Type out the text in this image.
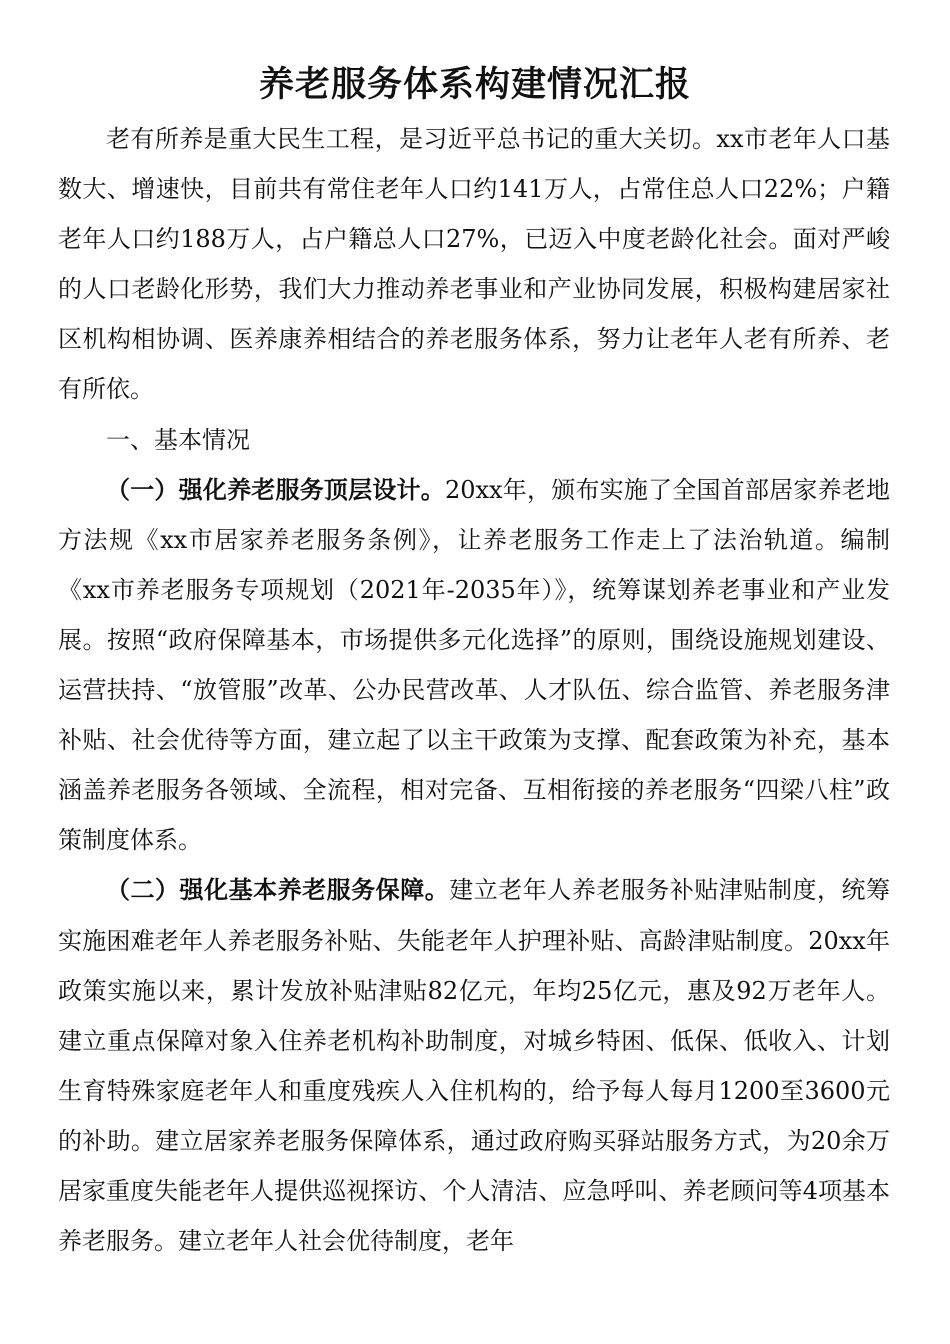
养老服务体系构建情况汇报

老有所养是重大民生工程，是习近平总书记的重大关切。xx市老年人口基数大、增速快，目前共有常住老年人口约141万人，占常住总人口22%；户籍老年人口约188万人，占户籍总人口27%，已迈入中度老龄化社会。面对严峻的人口老龄化形势，我们大力推动养老事业和产业协同发展，积极构建居家社区机构相协调、医养康养相结合的养老服务体系，努力让老年人老有所养、老有所依。

一、基本情况

（一）强化养老服务顶层设计。20xx年，颁布实施了全国首部居家养老地方法规《xx市居家养老服务条例》，让养老服务工作走上了法治轨道。编制《xx市养老服务专项规划（2021年-2035年）》，统筹谋划养老事业和产业发展。按照“政府保障基本，市场提供多元化选择”的原则，围绕设施规划建设、运营扶持、“放管服”改革、公办民营改革、人才队伍、综合监管、养老服务津补贴、社会优待等方面，建立起了以主干政策为支撑、配套政策为补充，基本涵盖养老服务各领域、全流程，相对完备、互相衔接的养老服务“四梁八柱”政策制度体系。

（二）强化基本养老服务保障。建立老年人养老服务补贴津贴制度，统筹实施困难老年人养老服务补贴、失能老年人护理补贴、高龄津贴制度。20xx年政策实施以来，累计发放补贴津贴82亿元，年均25亿元，惠及92万老年人。建立重点保障对象入住养老机构补助制度，对城乡特困、低保、低收入、计划生育特殊家庭老年人和重度残疾人入住机构的，给予每人每月1200至3600元的补助。建立居家养老服务保障体系，通过政府购买驿站服务方式，为20余万居家重度失能老年人提供巡视探访、个人清洁、应急呼叫、养老顾问等4项基本养老服务。建立老年人社会优待制度，老年
